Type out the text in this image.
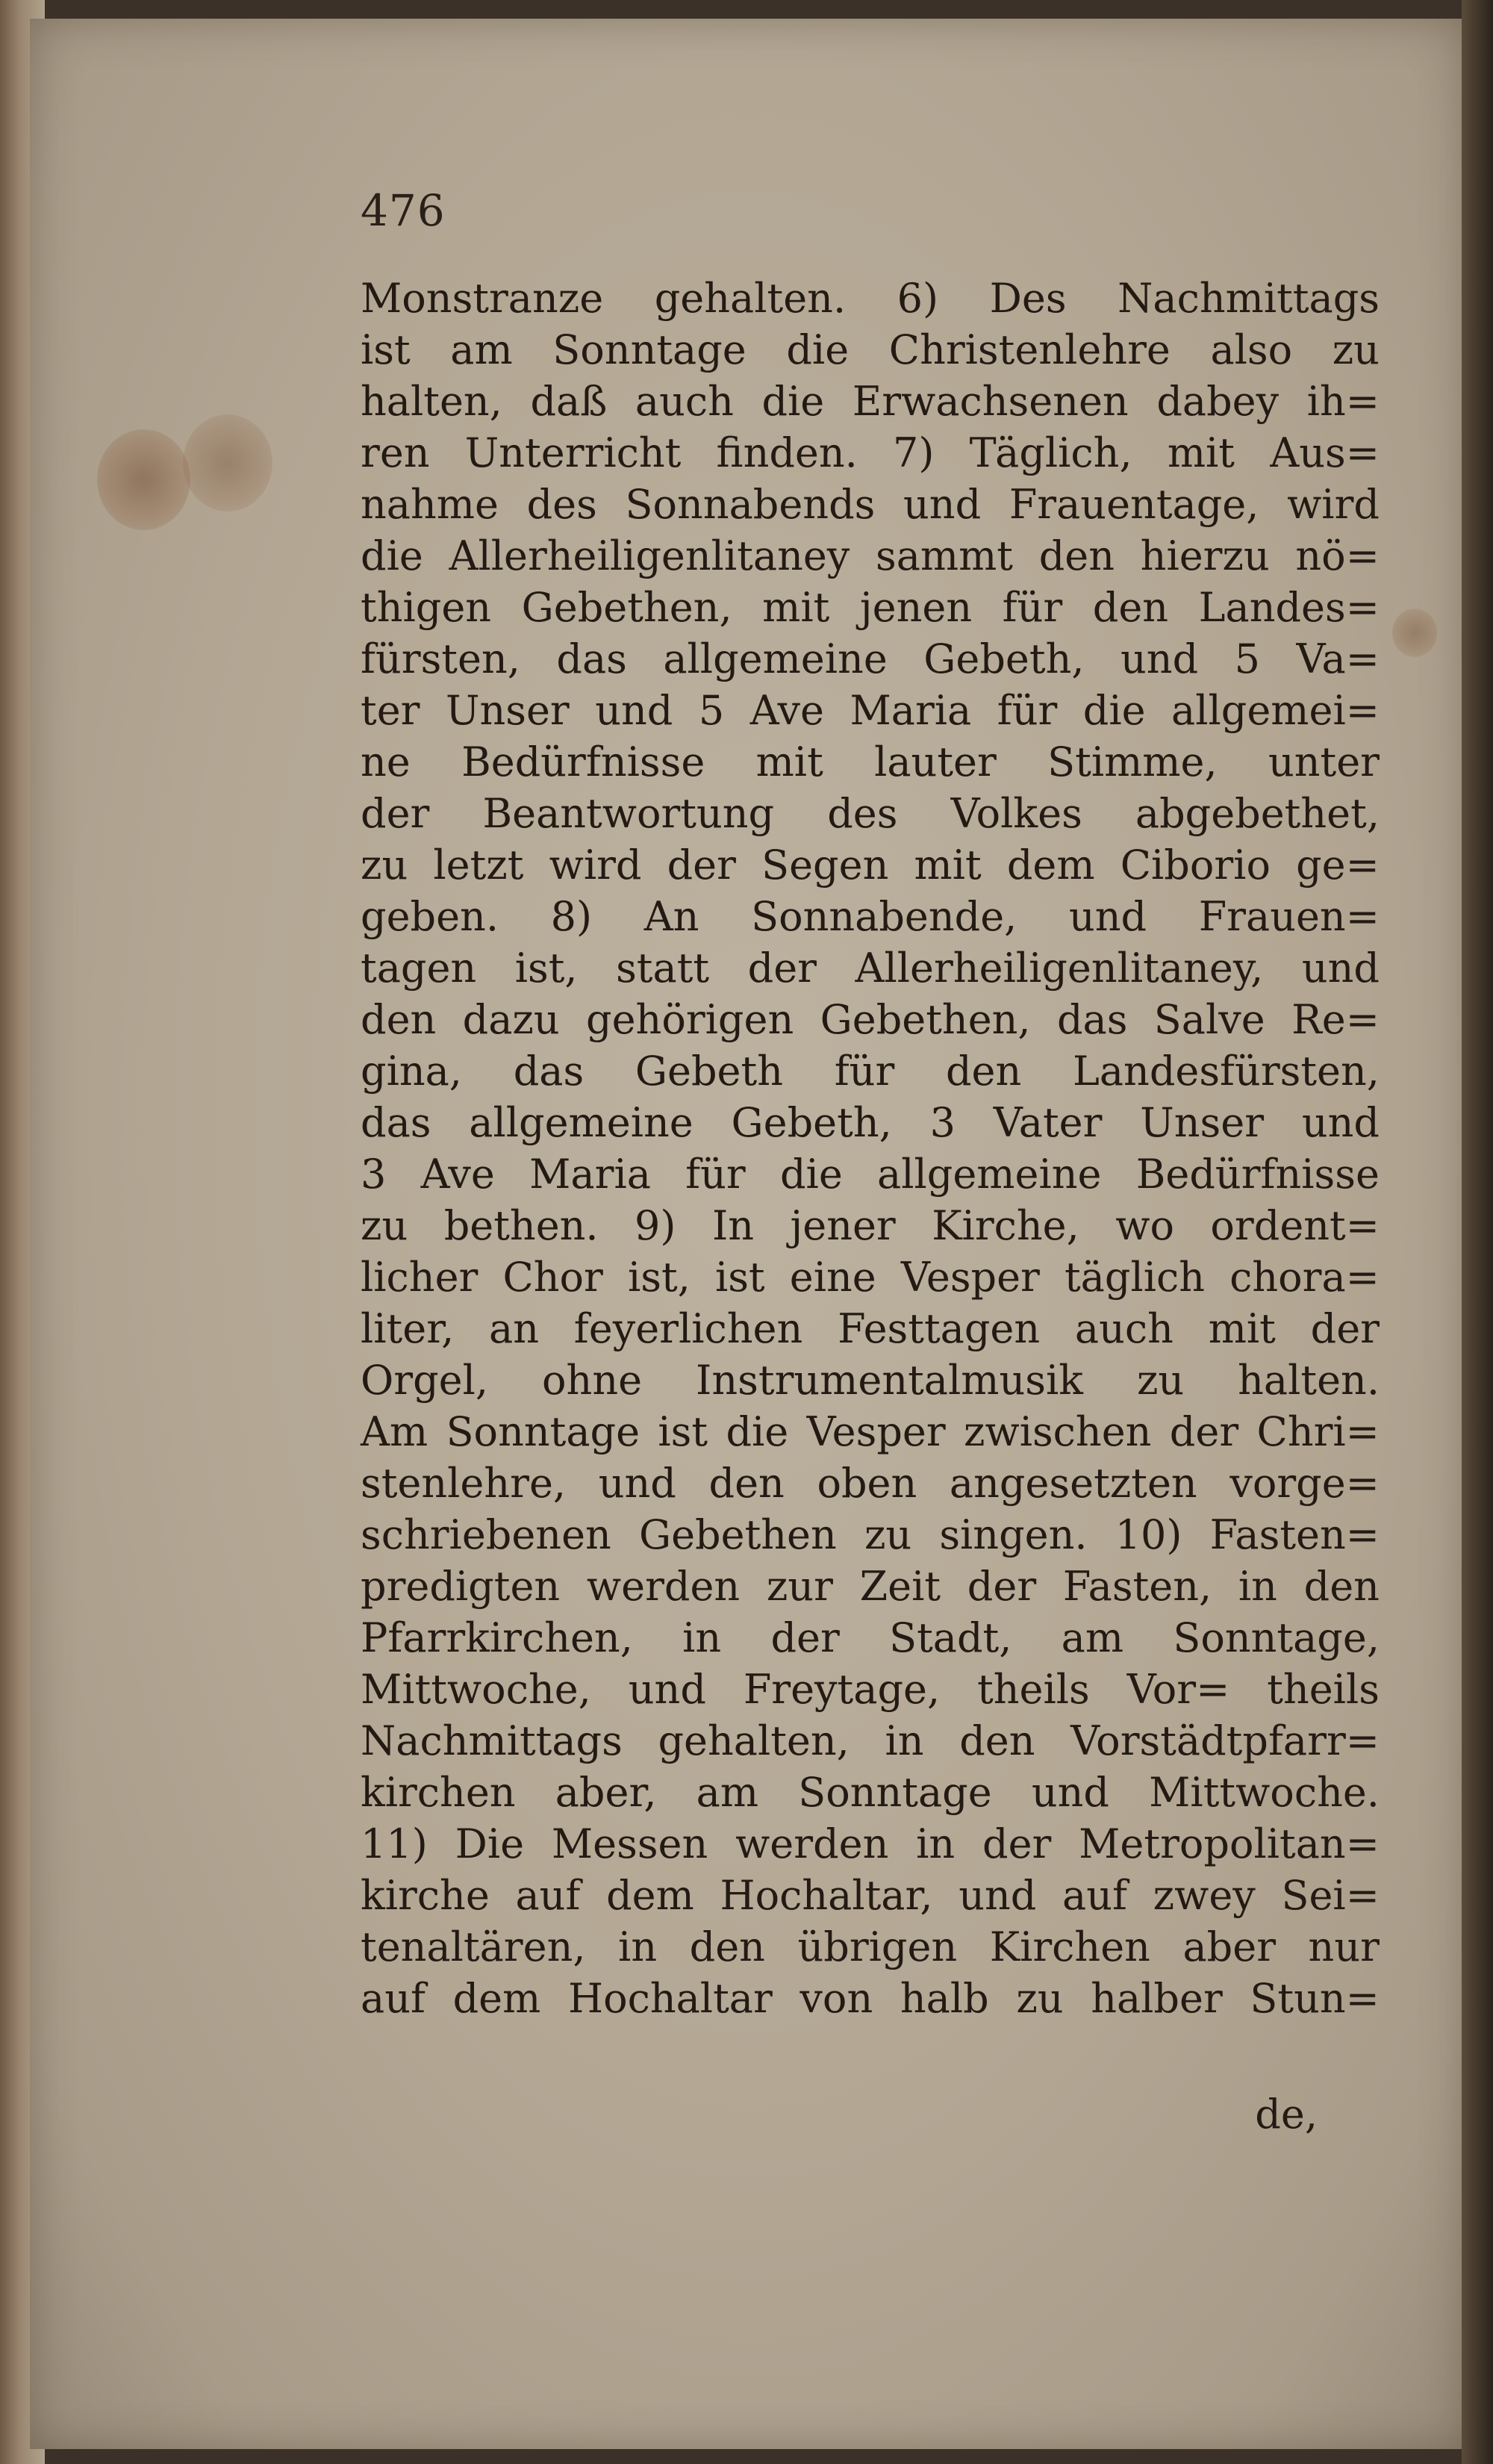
476
Monstranze gehalten. 6) Des Nachmittags
ist am Sonntage die Christenlehre also zu
halten, daß auch die Erwachsenen dabey ih=
ren Unterricht finden. 7) Täglich, mit Aus=
nahme des Sonnabends und Frauentage, wird
die Allerheiligenlitaney sammt den hierzu nö=
thigen Gebethen, mit jenen für den Landes=
fürsten, das allgemeine Gebeth, und 5 Va=
ter Unser und 5 Ave Maria für die allgemei=
ne Bedürfnisse mit lauter Stimme, unter
der Beantwortung des Volkes abgebethet,
zu letzt wird der Segen mit dem Ciborio ge=
geben. 8) An Sonnabende, und Frauen=
tagen ist, statt der Allerheiligenlitaney, und
den dazu gehörigen Gebethen, das Salve Re=
gina, das Gebeth für den Landesfürsten,
das allgemeine Gebeth, 3 Vater Unser und
3 Ave Maria für die allgemeine Bedürfnisse
zu bethen. 9) In jener Kirche, wo ordent=
licher Chor ist, ist eine Vesper täglich chora=
liter, an feyerlichen Festtagen auch mit der
Orgel, ohne Instrumentalmusik zu halten.
Am Sonntage ist die Vesper zwischen der Chri=
stenlehre, und den oben angesetzten vorge=
schriebenen Gebethen zu singen. 10) Fasten=
predigten werden zur Zeit der Fasten, in den
Pfarrkirchen, in der Stadt, am Sonntage,
Mittwoche, und Freytage, theils Vor= theils
Nachmittags gehalten, in den Vorstädtpfarr=
kirchen aber, am Sonntage und Mittwoche.
11) Die Messen werden in der Metropolitan=
kirche auf dem Hochaltar, und auf zwey Sei=
tenaltären, in den übrigen Kirchen aber nur
auf dem Hochaltar von halb zu halber Stun=
de,
